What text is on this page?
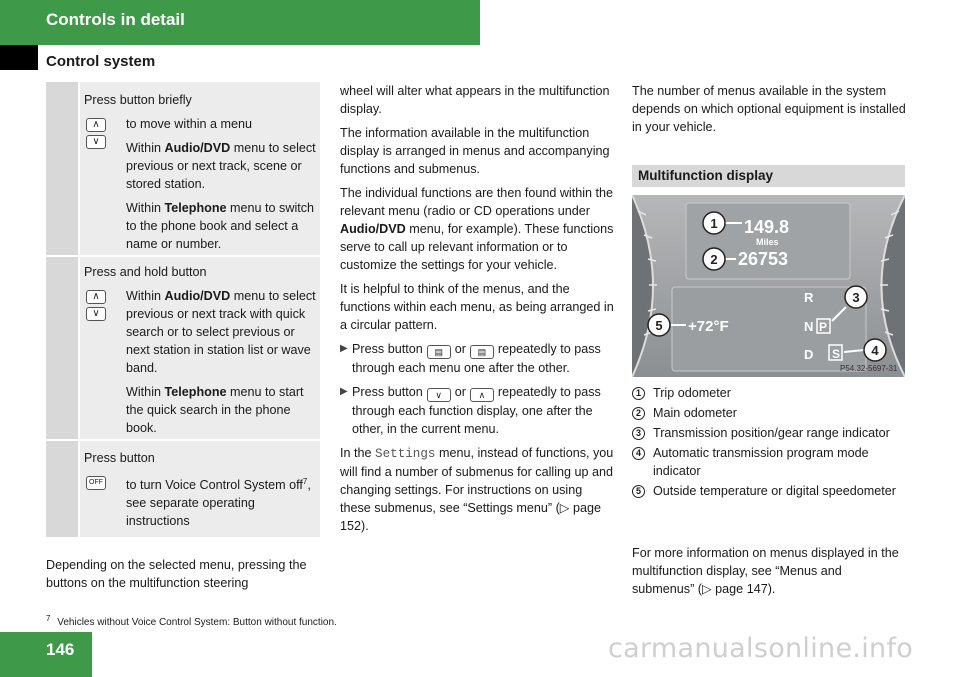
Controls in detail
Control system
Press button briefly
∧
∨

to move within a menu

Within Audio/DVD menu to select previous or next track, scene or stored station.

Within Telephone menu to switch to the phone book and select a name or number.

Press and hold button
∧
∨

Within Audio/DVD menu to select previous or next track with quick search or to select previous or next station in station list or wave band.

Within Telephone menu to start the quick search in the phone book.

Press button
OFF to turn Voice Control System off$^7$, see separate operating instructions

Depending on the selected menu, pressing the buttons on the multifunction steering

wheel will alter what appears in the multifunction display.

The information available in the multifunction display is arranged in menus and accompanying functions and submenus.

The individual functions are then found within the relevant menu (radio or CD operations under Audio/DVD menu, for example). These functions serve to call up relevant information or to customize the settings for your vehicle.

It is helpful to think of the menus, and the functions within each menu, as being arranged in a circular pattern.

▶ Press button ▤ or ▤ repeatedly to pass through each menu one after the other.
▶ Press button ∨ or ∧ repeatedly to pass through each function display, one after the other, in the current menu.

In the Settings menu, instead of functions, you will find a number of submenus for calling up and changing settings. For instructions on using these submenus, see “Settings menu” (▷ page 152).

The number of menus available in the system depends on which optional equipment is installed in your vehicle.

Multifunction display
149.8
Miles
26753
+72°F
R
N P
D S
1
2
3
4
5
P54.32-5697-31
1 Trip odometer
2 Main odometer
3 Transmission position/gear range indicator
4 Automatic transmission program mode indicator
5 Outside temperature or digital speedometer
For more information on menus displayed in the multifunction display, see “Menus and submenus” (▷ page 147).
$^7$ Vehicles without Voice Control System: Button without function.
146	carmanualsonline.info
